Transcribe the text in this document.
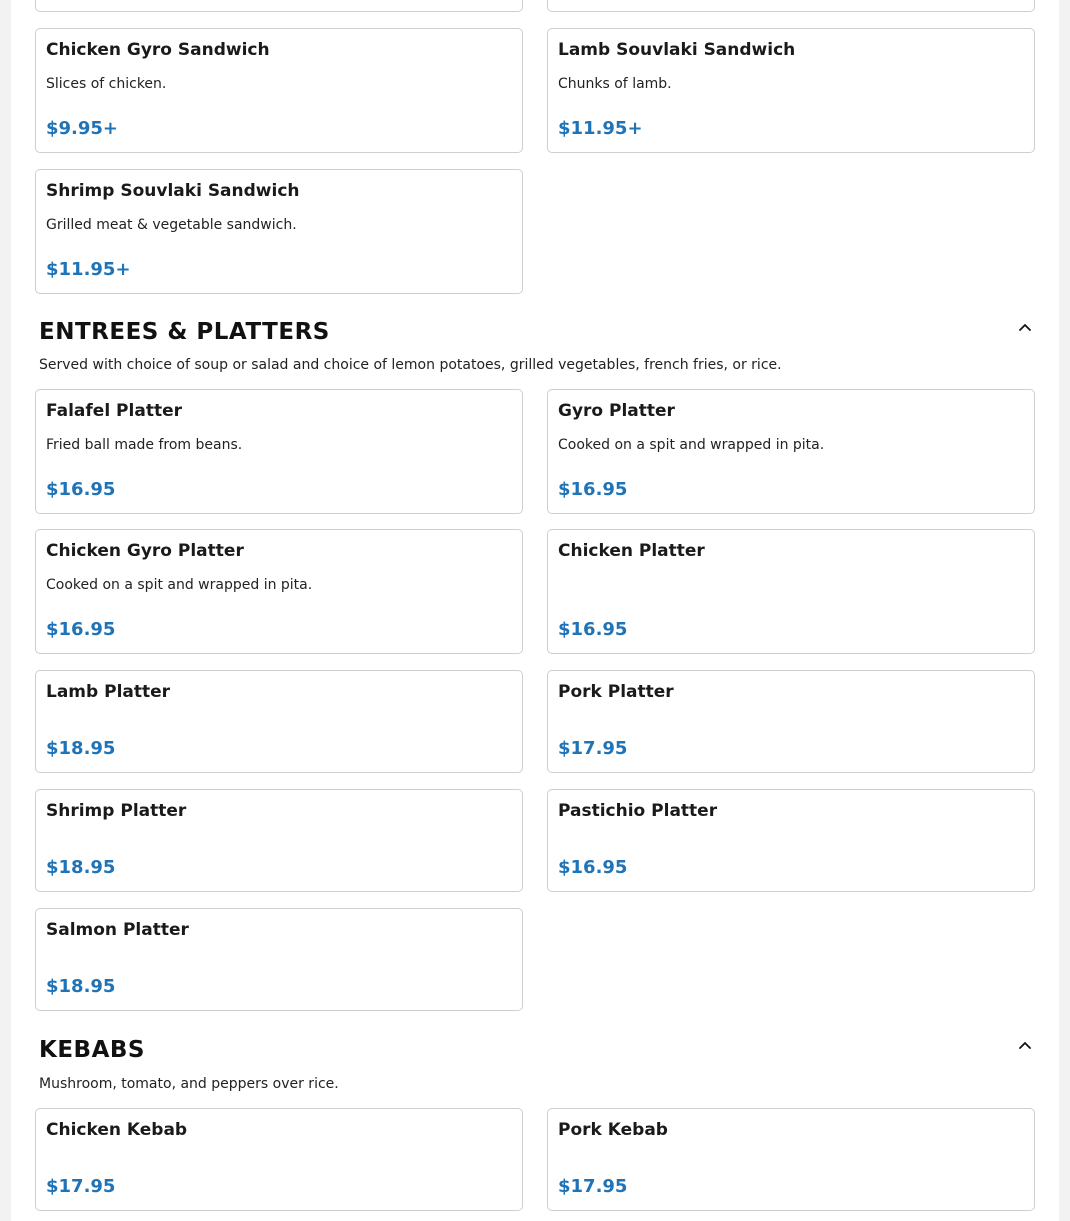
Chicken Gyro Sandwich
Slices of chicken.
$9.95+
Lamb Souvlaki Sandwich
Chunks of lamb.
$11.95+
Shrimp Souvlaki Sandwich
Grilled meat & vegetable sandwich.
$11.95+
ENTREES & PLATTERS
Served with choice of soup or salad and choice of lemon potatoes, grilled vegetables, french fries, or rice.
Falafel Platter
Fried ball made from beans.
$16.95
Gyro Platter
Cooked on a spit and wrapped in pita.
$16.95
Chicken Gyro Platter
Cooked on a spit and wrapped in pita.
$16.95
Chicken Platter
$16.95
Lamb Platter
$18.95
Pork Platter
$17.95
Shrimp Platter
$18.95
Pastichio Platter
$16.95
Salmon Platter
$18.95
KEBABS
Mushroom, tomato, and peppers over rice.
Chicken Kebab
$17.95
Pork Kebab
$17.95
